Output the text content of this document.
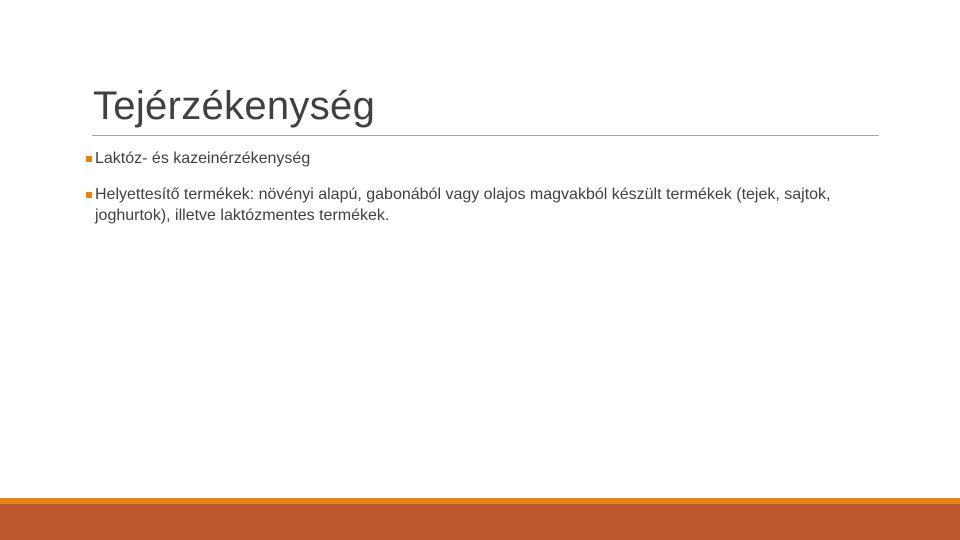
Tejérzékenység
Laktóz- és kazeinérzékenység
Helyettesítő termékek: növényi alapú, gabonából vagy olajos magvakból készült termékek (tejek, sajtok, joghurtok), illetve laktózmentes termékek.
